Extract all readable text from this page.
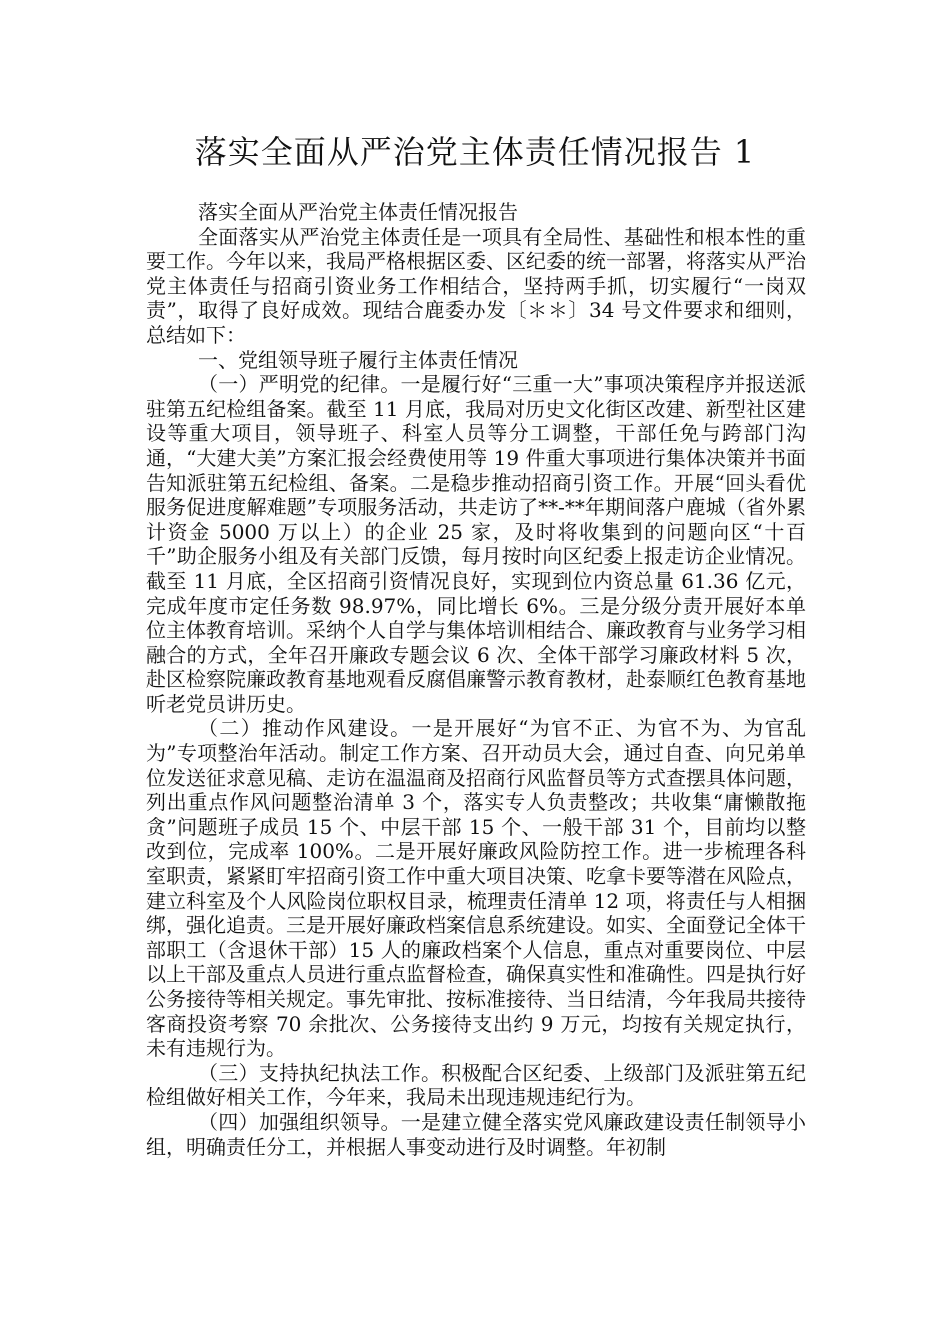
落实全面从严治党主体责任情况报告 1

落实全面从严治党主体责任情况报告

全面落实从严治党主体责任是一项具有全局性、基础性和根本性的重要工作。今年以来，我局严格根据区委、区纪委的统一部署，将落实从严治党主体责任与招商引资业务工作相结合，坚持两手抓，切实履行“一岗双责”，取得了良好成效。现结合鹿委办发〔＊＊〕34 号文件要求和细则，总结如下：

一、党组领导班子履行主体责任情况

（一）严明党的纪律。一是履行好“三重一大”事项决策程序并报送派驻第五纪检组备案。截至 11 月底，我局对历史文化街区改建、新型社区建设等重大项目，领导班子、科室人员等分工调整，干部任免与跨部门沟通，“大建大美”方案汇报会经费使用等 19 件重大事项进行集体决策并书面告知派驻第五纪检组、备案。二是稳步推动招商引资工作。开展“回头看优服务促进度解难题”专项服务活动，共走访了**-**年期间落户鹿城（省外累计资金 5000 万以上）的企业 25 家，及时将收集到的问题向区“十百千”助企服务小组及有关部门反馈，每月按时向区纪委上报走访企业情况。截至 11 月底，全区招商引资情况良好，实现到位内资总量 61.36 亿元，完成年度市定任务数 98.97%，同比增长 6%。三是分级分责开展好本单位主体教育培训。采纳个人自学与集体培训相结合、廉政教育与业务学习相融合的方式，全年召开廉政专题会议 6 次、全体干部学习廉政材料 5 次，赴区检察院廉政教育基地观看反腐倡廉警示教育教材，赴泰顺红色教育基地听老党员讲历史。

（二）推动作风建设。一是开展好“为官不正、为官不为、为官乱为”专项整治年活动。制定工作方案、召开动员大会，通过自查、向兄弟单位发送征求意见稿、走访在温温商及招商行风监督员等方式查摆具体问题，列出重点作风问题整治清单 3 个，落实专人负责整改；共收集“庸懒散拖贪”问题班子成员 15 个、中层干部 15 个、一般干部 31 个，目前均以整改到位，完成率 100%。二是开展好廉政风险防控工作。进一步梳理各科室职责，紧紧盯牢招商引资工作中重大项目决策、吃拿卡要等潜在风险点，建立科室及个人风险岗位职权目录，梳理责任清单 12 项，将责任与人相捆绑，强化追责。三是开展好廉政档案信息系统建设。如实、全面登记全体干部职工（含退休干部）15 人的廉政档案个人信息，重点对重要岗位、中层以上干部及重点人员进行重点监督检查，确保真实性和准确性。四是执行好公务接待等相关规定。事先审批、按标准接待、当日结清，今年我局共接待客商投资考察 70 余批次、公务接待支出约 9 万元，均按有关规定执行，未有违规行为。

（三）支持执纪执法工作。积极配合区纪委、上级部门及派驻第五纪检组做好相关工作，今年来，我局未出现违规违纪行为。

（四）加强组织领导。一是建立健全落实党风廉政建设责任制领导小组，明确责任分工，并根据人事变动进行及时调整。年初制
